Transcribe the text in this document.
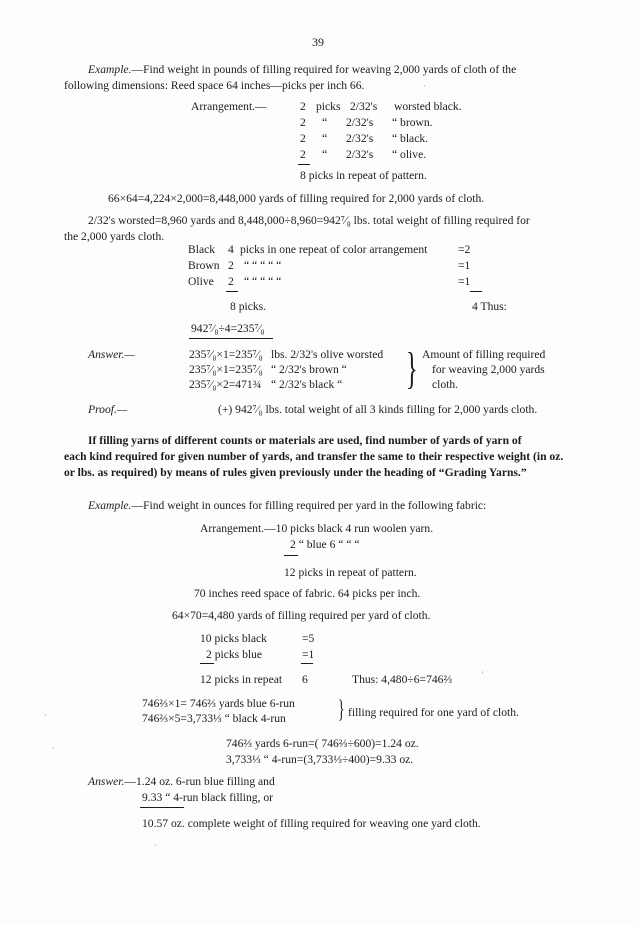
39
Example.—Find weight in pounds of filling required for weaving 2,000 yards of cloth of the
following dimensions: Reed space 64 inches—picks per inch 66.
Arrangement.—	2 picks 2/32's worsted black.
2 “ 2/32's “ brown.
2 “ 2/32's “ black.
2 “ 2/32's “ olive.
8 picks in repeat of pattern.
66×64=4,224×2,000=8,448,000 yards of filling required for 2,000 yards of cloth.
2/32's worsted=8,960 yards and 8,448,000÷8,960=942⁷⁄₈ lbs. total weight of filling required for
the 2,000 yards cloth.
Black 4 picks in one repeat of color arrangement	=2
Brown 2 “ “ “ “ “	=1
Olive 2 “ “ “ “ “	=1
8 picks.	4 Thus:
942⁷⁄₈÷4=235⁷⁄₈
Answer.—	235⁷⁄₈×1=235⁷⁄₈ lbs. 2/32's olive worsted
235⁷⁄₈×1=235⁷⁄₈ “ 2/32's brown “
235⁷⁄₈×2=471¾ “ 2/32's black “ } Amount of filling required
for weaving 2,000 yards
cloth.
Proof.—	(+) 942⁷⁄₈ lbs. total weight of all 3 kinds filling for 2,000 yards cloth.
If filling yarns of different counts or materials are used, find number of yards of yarn of
each kind required for given number of yards, and transfer the same to their respective weight (in oz.
or lbs. as required) by means of rules given previously under the heading of “Grading Yarns.”
Example.—Find weight in ounces for filling required per yard in the following fabric:
Arrangement.—10 picks black 4 run woolen yarn.
2 “ blue 6 “ “ “
12 picks in repeat of pattern.
70 inches reed space of fabric. 64 picks per inch.
64×70=4,480 yards of filling required per yard of cloth.
10 picks black	=5
2 picks blue	=1
12 picks in repeat 6	Thus: 4,480÷6=746⅔
746⅔×1= 746⅔ yards blue 6-run
746⅔×5=3,733⅓ “ black 4-run } filling required for one yard of cloth.
746⅔ yards 6-run=( 746⅔÷600)=1.24 oz.
3,733⅓ “ 4-run=(3,733⅓÷400)=9.33 oz.
Answer.—1.24 oz. 6-run blue filling and
9.33 “ 4-run black filling, or
10.57 oz. complete weight of filling required for weaving one yard cloth.
·
·
·
'
·
